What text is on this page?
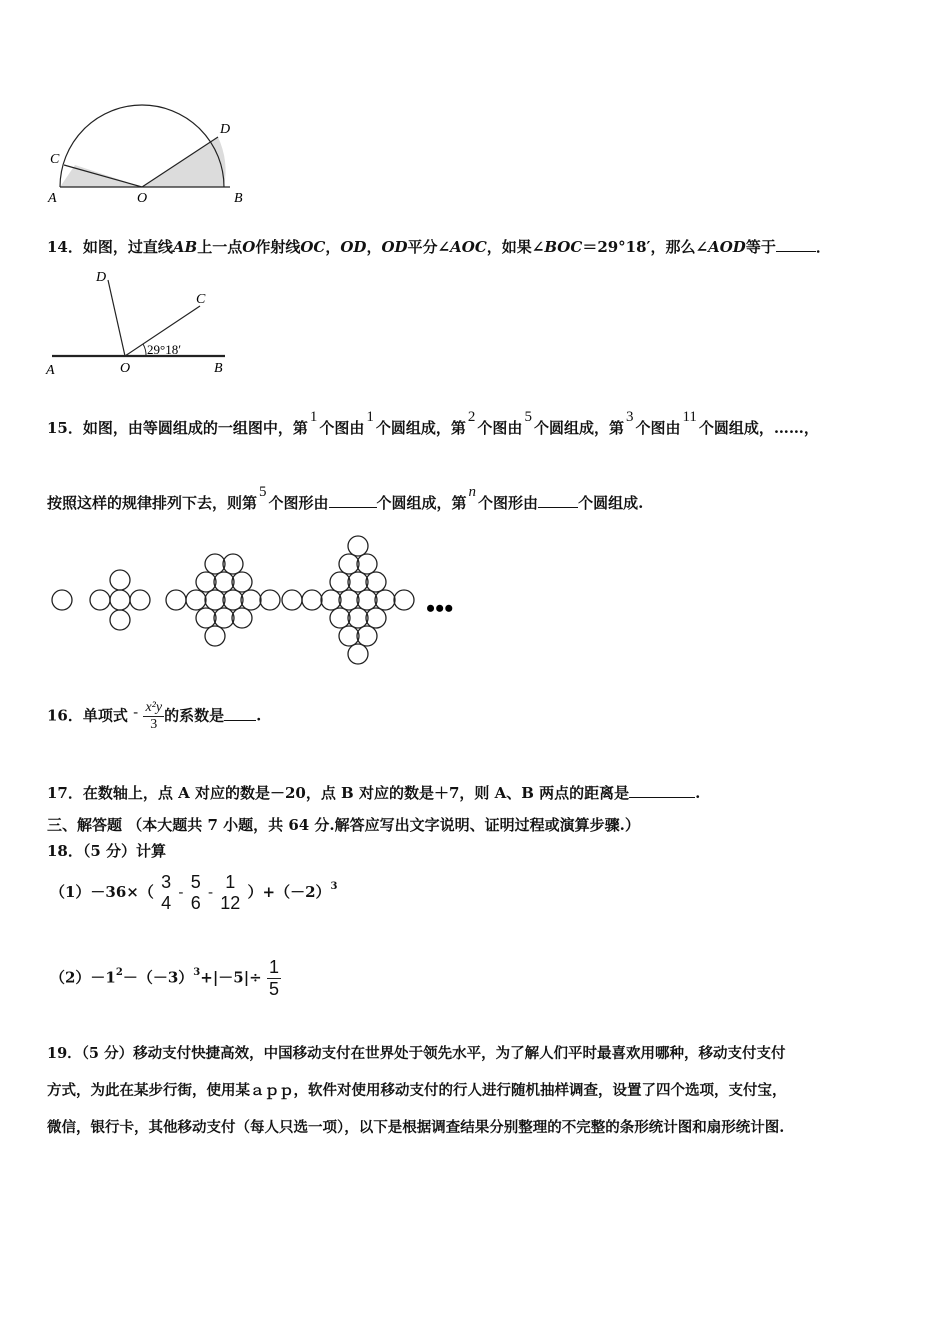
A	O	B
C
D
14．如图，过直线AB上一点O作射线OC，OD，OD平分∠AOC，如果∠BOC＝29°18′，那么∠AOD等于	．
29°18′
D
C
A	O	B
15．如图，由等圆组成的一组图中，第1个图由1个圆组成，第2个图由5个圆组成，第3个图由11个圆组成，……，
按照这样的规律排列下去，则第5个图形由	个圆组成，第n个图形由	个圆组成.
•••
16．单项式 - $\frac{\text{x²y}}{3}$ 的系数是 .
17．在数轴上，点 A 对应的数是－20，点 B 对应的数是＋7，则 A、B 两点的距离是	.
三、解答题 （本大题共 7 小题，共 64 分.解答应写出文字说明、证明过程或演算步骤.）
18．（5 分）计算
（1）－36×（ 3
4
- 5
6
- 1
12
）$+(-2)^3$
$(2)-1^2-(-3)^3+|-5|\div \frac{1}{5}$
19．（5 分）移动支付快捷高效，中国移动支付在世界处于领先水平，为了解人们平时最喜欢用哪种，移动支付支付
方式，为此在某步行街，使用某ａｐｐ，软件对使用移动支付的行人进行随机抽样调查，设置了四个选项，支付宝，
微信，银行卡，其他移动支付（每人只选一项），以下是根据调查结果分别整理的不完整的条形统计图和扇形统计图.
